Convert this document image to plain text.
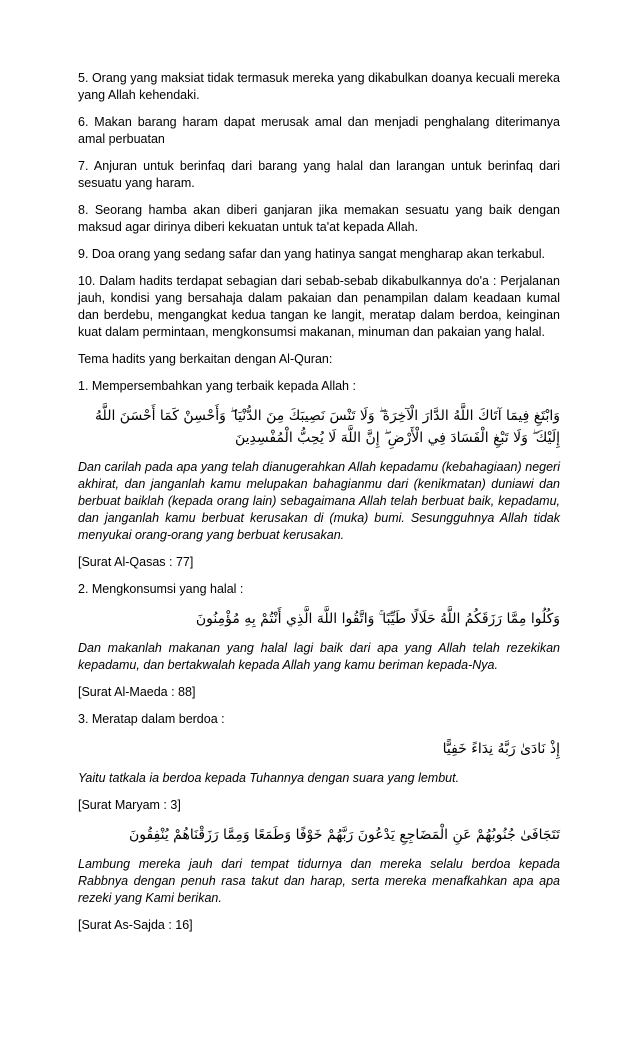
5. Orang yang maksiat tidak termasuk mereka yang dikabulkan doanya kecuali mereka yang Allah kehendaki.

6. Makan barang haram dapat merusak amal dan menjadi penghalang diterimanya amal perbuatan

7. Anjuran untuk berinfaq dari barang yang halal dan larangan untuk berinfaq dari sesuatu yang haram.

8. Seorang hamba akan diberi ganjaran jika memakan sesuatu yang baik dengan maksud agar dirinya diberi kekuatan untuk ta'at kepada Allah.

9. Doa orang yang sedang safar dan yang hatinya sangat mengharap akan terkabul.

10. Dalam hadits terdapat sebagian dari sebab-sebab dikabulkannya do'a : Perjalanan jauh, kondisi yang bersahaja dalam pakaian dan penampilan dalam keadaan kumal dan berdebu, mengangkat kedua tangan ke langit, meratap dalam berdoa, keinginan kuat dalam permintaan, mengkonsumsi makanan, minuman dan pakaian yang halal.

Tema hadits yang berkaitan dengan Al-Quran:

1. Mempersembahkan yang terbaik kepada Allah :

وَابْتَغِ فِيمَا آتَاكَ اللَّهُ الدَّارَ الْآخِرَةَ ۖ وَلَا تَنْسَ نَصِيبَكَ مِنَ الدُّنْيَا ۖ وَأَحْسِنْ كَمَا أَحْسَنَ اللَّهُ إِلَيْكَ ۖ وَلَا تَبْغِ الْفَسَادَ فِي الْأَرْضِ ۖ إِنَّ اللَّهَ لَا يُحِبُّ الْمُفْسِدِينَ

Dan carilah pada apa yang telah dianugerahkan Allah kepadamu (kebahagiaan) negeri akhirat, dan janganlah kamu melupakan bahagianmu dari (kenikmatan) duniawi dan berbuat baiklah (kepada orang lain) sebagaimana Allah telah berbuat baik, kepadamu, dan janganlah kamu berbuat kerusakan di (muka) bumi. Sesungguhnya Allah tidak menyukai orang-orang yang berbuat kerusakan.

[Surat Al-Qasas : 77]

2. Mengkonsumsi yang halal :

وَكُلُوا مِمَّا رَزَقَكُمُ اللَّهُ حَلَالًا طَيِّبًا ۚ وَاتَّقُوا اللَّهَ الَّذِي أَنْتُمْ بِهِ مُؤْمِنُونَ

Dan makanlah makanan yang halal lagi baik dari apa yang Allah telah rezekikan kepadamu, dan bertakwalah kepada Allah yang kamu beriman kepada-Nya.

[Surat Al-Maeda : 88]

3. Meratap dalam berdoa :

إِذْ نَادَىٰ رَبَّهُ نِدَاءً خَفِيًّا

Yaitu tatkala ia berdoa kepada Tuhannya dengan suara yang lembut.

[Surat Maryam : 3]

تَتَجَافَىٰ جُنُوبُهُمْ عَنِ الْمَضَاجِعِ يَدْعُونَ رَبَّهُمْ خَوْفًا وَطَمَعًا وَمِمَّا رَزَقْنَاهُمْ يُنْفِقُونَ

Lambung mereka jauh dari tempat tidurnya dan mereka selalu berdoa kepada Rabbnya dengan penuh rasa takut dan harap, serta mereka menafkahkan apa apa rezeki yang Kami berikan.

[Surat As-Sajda : 16]
